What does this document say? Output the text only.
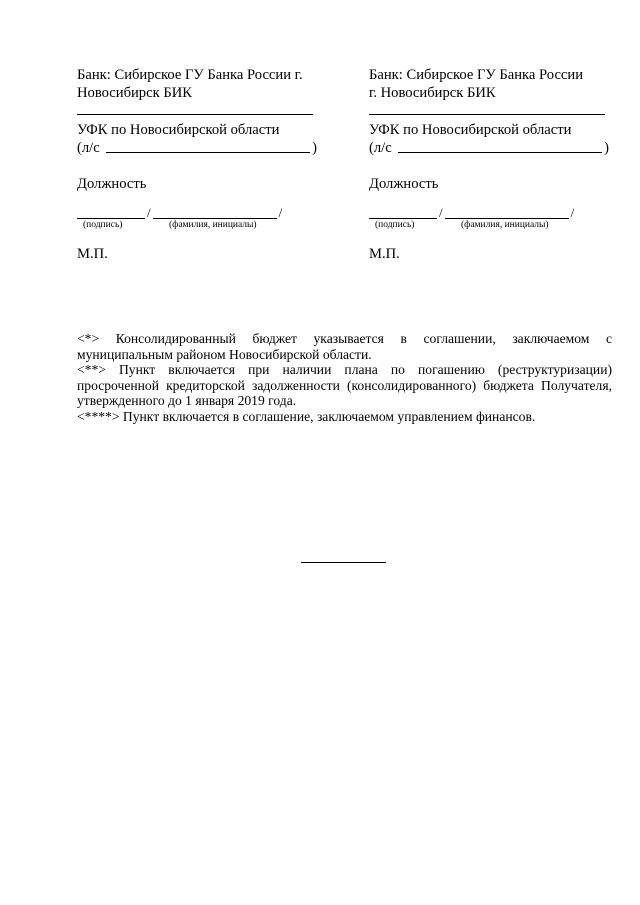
Банк: Сибирское ГУ Банка России г.
Новосибирск БИК
УФК по Новосибирской области
(л/с	)
Должность
/	/
(подпись)	(фамилия, инициалы)
М.П.
Банк: Сибирское ГУ Банка России
г. Новосибирск БИК
УФК по Новосибирской области
(л/с	)
Должность
/	/
(подпись)	(фамилия, инициалы)
М.П.
<*> Консолидированный бюджет указывается в соглашении, заключаемом с муниципальным районом Новосибирской области.
<**> Пункт включается при наличии плана по погашению (реструктуризации) просроченной кредиторской задолженности (консолидированного) бюджета Получателя, утвержденного до 1 января 2019 года.
<****> Пункт включается в соглашение, заключаемом управлением финансов.
